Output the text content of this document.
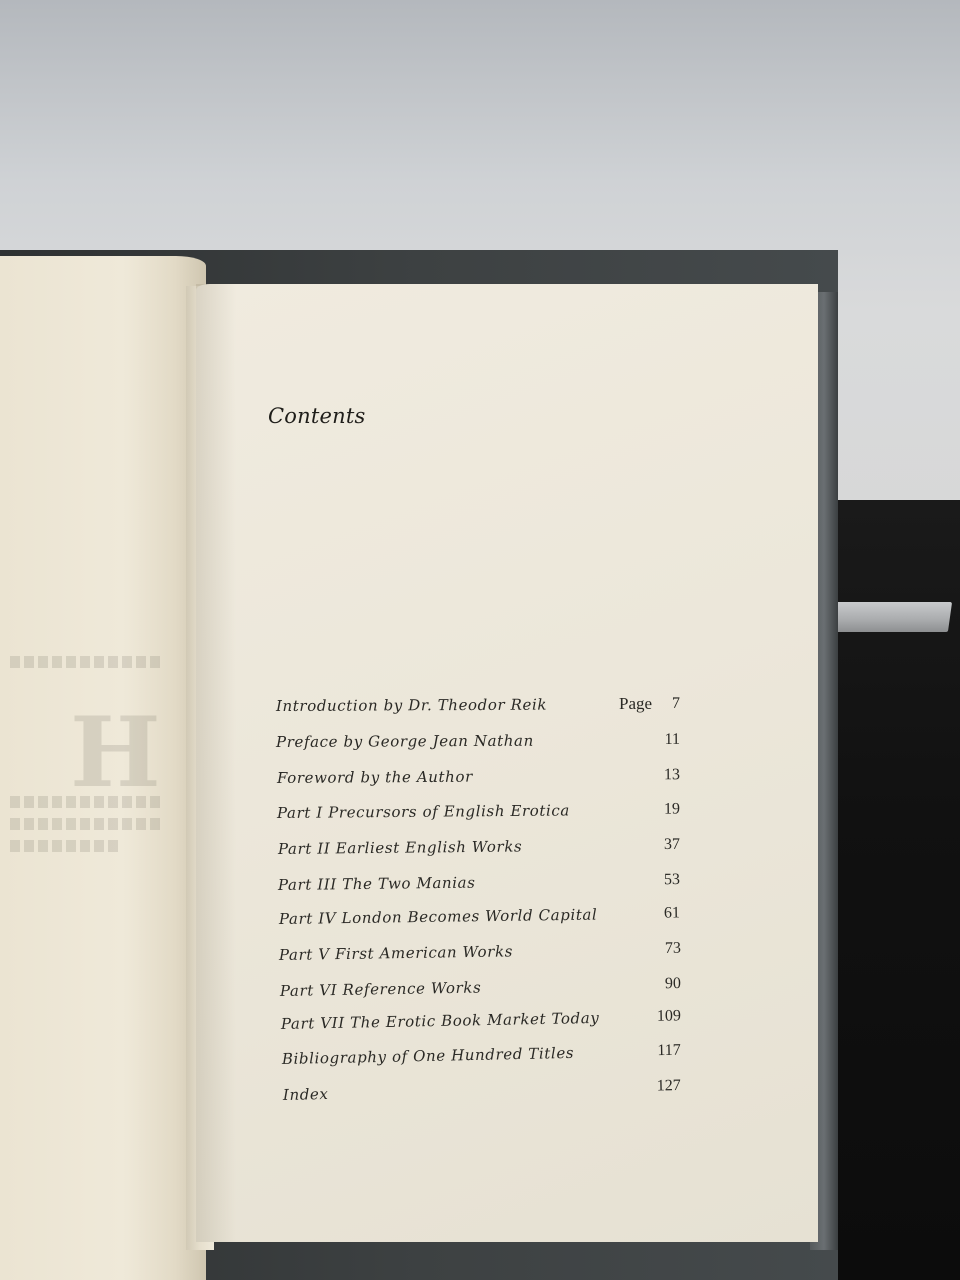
H
Contents
Page
Introduction by Dr. Theodor Reik	7
Preface by George Jean Nathan	11
Foreword by the Author	13
Part I Precursors of English Erotica	19
Part II Earliest English Works	37
Part III The Two Manias	53
Part IV London Becomes World Capital	61
Part V First American Works	73
Part VI Reference Works	90
Part VII The Erotic Book Market Today	109
Bibliography of One Hundred Titles	117
Index	127
